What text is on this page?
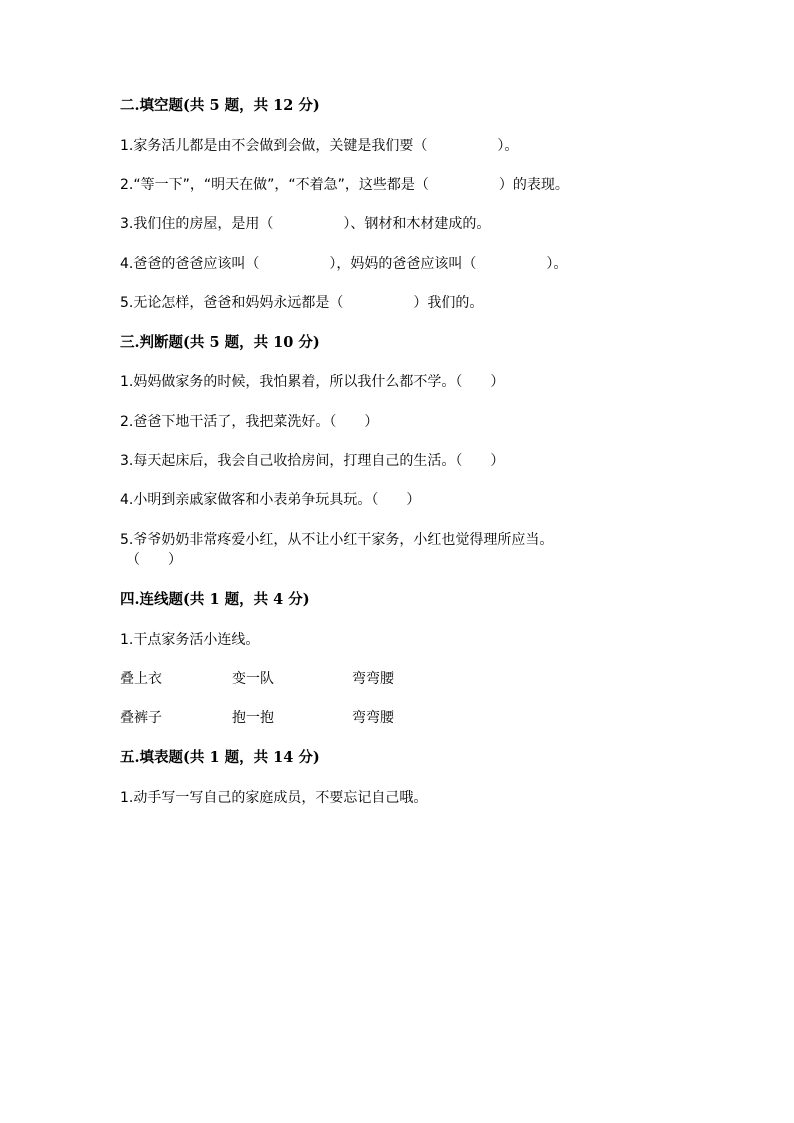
二.填空题(共 5 题，共 12 分)
1.家务活儿都是由不会做到会做，关键是我们要（　　　　　）。
2.“等一下”，“明天在做”，“不着急”，这些都是（　　　　　）的表现。
3.我们住的房屋，是用（　　　　　）、钢材和木材建成的。
4.爸爸的爸爸应该叫（　　　　　），妈妈的爸爸应该叫（　　　　　）。
5.无论怎样，爸爸和妈妈永远都是（　　　　　）我们的。
三.判断题(共 5 题，共 10 分)
1.妈妈做家务的时候，我怕累着，所以我什么都不学。（　　）
2.爸爸下地干活了，我把菜洗好。（　　）
3.每天起床后，我会自己收拾房间，打理自己的生活。（　　）
4.小明到亲戚家做客和小表弟争玩具玩。（　　）
5.爷爷奶奶非常疼爱小红，从不让小红干家务，小红也觉得理所应当。
（　　）
四.连线题(共 1 题，共 4 分)
1.干点家务活小连线。
叠上衣	变一队	弯弯腰
叠裤子	抱一抱	弯弯腰
五.填表题(共 1 题，共 14 分)
1.动手写一写自己的家庭成员，不要忘记自己哦。
